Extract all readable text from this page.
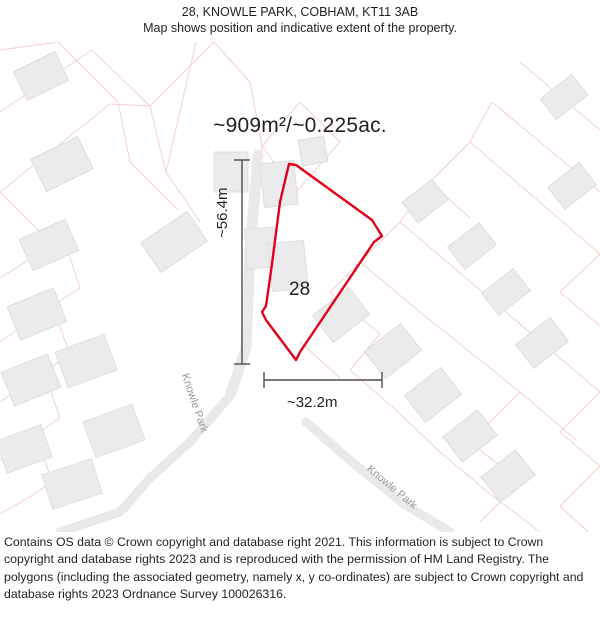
28, KNOWLE PARK, COBHAM, KT11 3AB
Map shows position and indicative extent of the property.
~909m²/~0.225ac.
28
~56.4m
~32.2m
Knowle Park
Knowle Park

Contains OS data © Crown copyright and database right 2021. This information is subject to Crown copyright and database rights 2023 and is reproduced with the permission of HM Land Registry. The polygons (including the associated geometry, namely x, y co-ordinates) are subject to Crown copyright and database rights 2023 Ordnance Survey 100026316.
